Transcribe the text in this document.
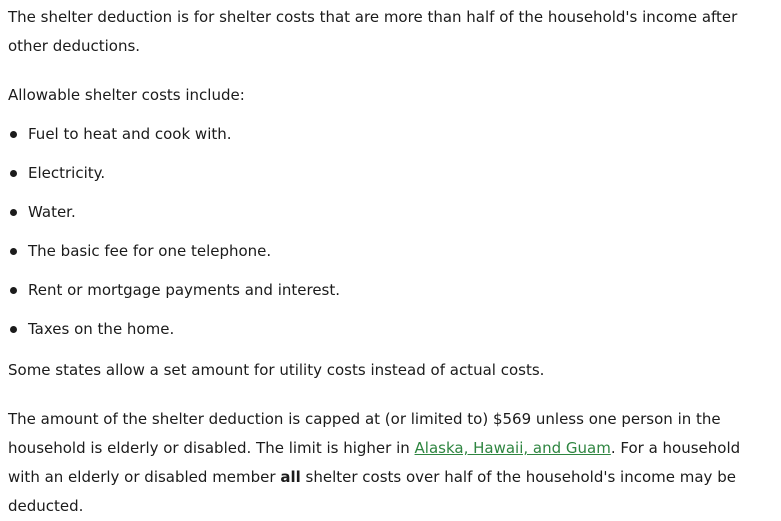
The shelter deduction is for shelter costs that are more than half of the household's income after other deductions.

Allowable shelter costs include:

Fuel to heat and cook with.
Electricity.
Water.
The basic fee for one telephone.
Rent or mortgage payments and interest.
Taxes on the home.

Some states allow a set amount for utility costs instead of actual costs.

The amount of the shelter deduction is capped at (or limited to) $569 unless one person in the household is elderly or disabled. The limit is higher in Alaska, Hawaii, and Guam. For a household with an elderly or disabled member all shelter costs over half of the household's income may be deducted.
